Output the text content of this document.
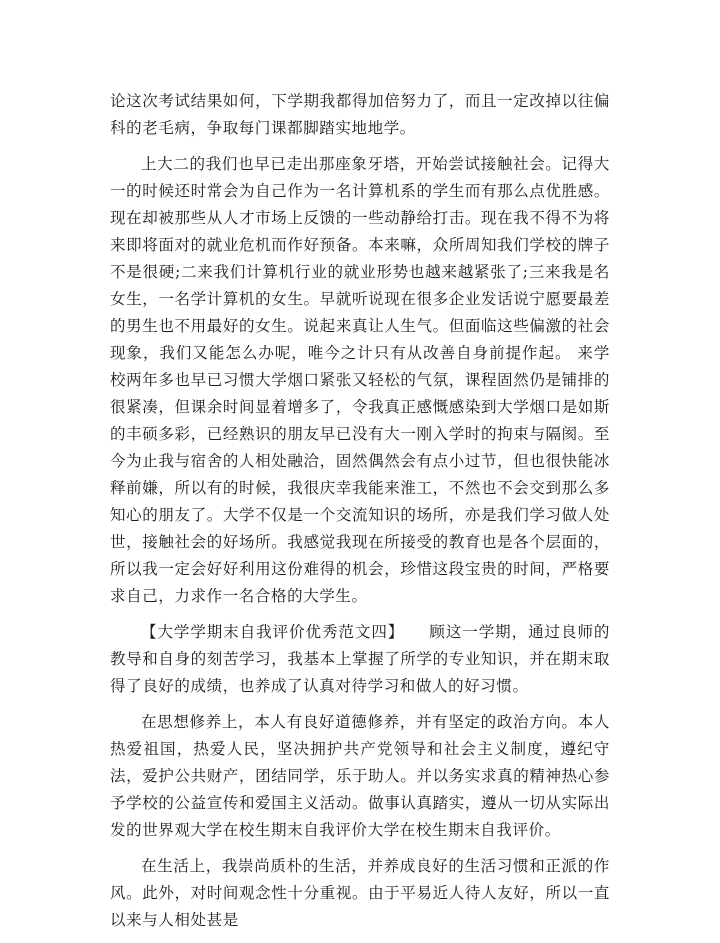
论这次考试结果如何，下学期我都得加倍努力了，而且一定改掉以往偏科的老毛病，争取每门课都脚踏实地地学。

上大二的我们也早已走出那座象牙塔，开始尝试接触社会。记得大一的时候还时常会为自己作为一名计算机系的学生而有那么点优胜感。现在却被那些从人才市场上反馈的一些动静给打击。现在我不得不为将来即将面对的就业危机而作好预备。本来嘛，众所周知我们学校的牌子不是很硬;二来我们计算机行业的就业形势也越来越紧张了;三来我是名女生，一名学计算机的女生。早就听说现在很多企业发话说宁愿要最差的男生也不用最好的女生。说起来真让人生气。但面临这些偏激的社会现象，我们又能怎么办呢，唯今之计只有从改善自身前提作起。 来学校两年多也早已习惯大学烟口紧张又轻松的气氛，课程固然仍是铺排的很紧凑，但课余时间显着增多了，令我真正感慨感染到大学烟口是如斯的丰硕多彩，已经熟识的朋友早已没有大一刚入学时的拘束与隔阂。至今为止我与宿舍的人相处融洽，固然偶然会有点小过节，但也很快能冰释前嫌，所以有的时候，我很庆幸我能来淮工，不然也不会交到那么多知心的朋友了。大学不仅是一个交流知识的场所，亦是我们学习做人处世，接触社会的好场所。我感觉我现在所接受的教育也是各个层面的，所以我一定会好好利用这份难得的机会，珍惜这段宝贵的时间，严格要求自己，力求作一名合格的大学生。

【大学学期末自我评价优秀范文四】　　顾这一学期，通过良师的教导和自身的刻苦学习，我基本上掌握了所学的专业知识，并在期末取得了良好的成绩，也养成了认真对待学习和做人的好习惯。

在思想修养上，本人有良好道德修养，并有坚定的政治方向。本人热爱祖国，热爱人民，坚决拥护共产党领导和社会主义制度，遵纪守法，爱护公共财产，团结同学，乐于助人。并以务实求真的精神热心参予学校的公益宣传和爱国主义活动。做事认真踏实，遵从一切从实际出发的世界观大学在校生期末自我评价大学在校生期末自我评价。

在生活上，我崇尚质朴的生活，并养成良好的生活习惯和正派的作风。此外，对时间观念性十分重视。由于平易近人待人友好，所以一直以来与人相处甚是
